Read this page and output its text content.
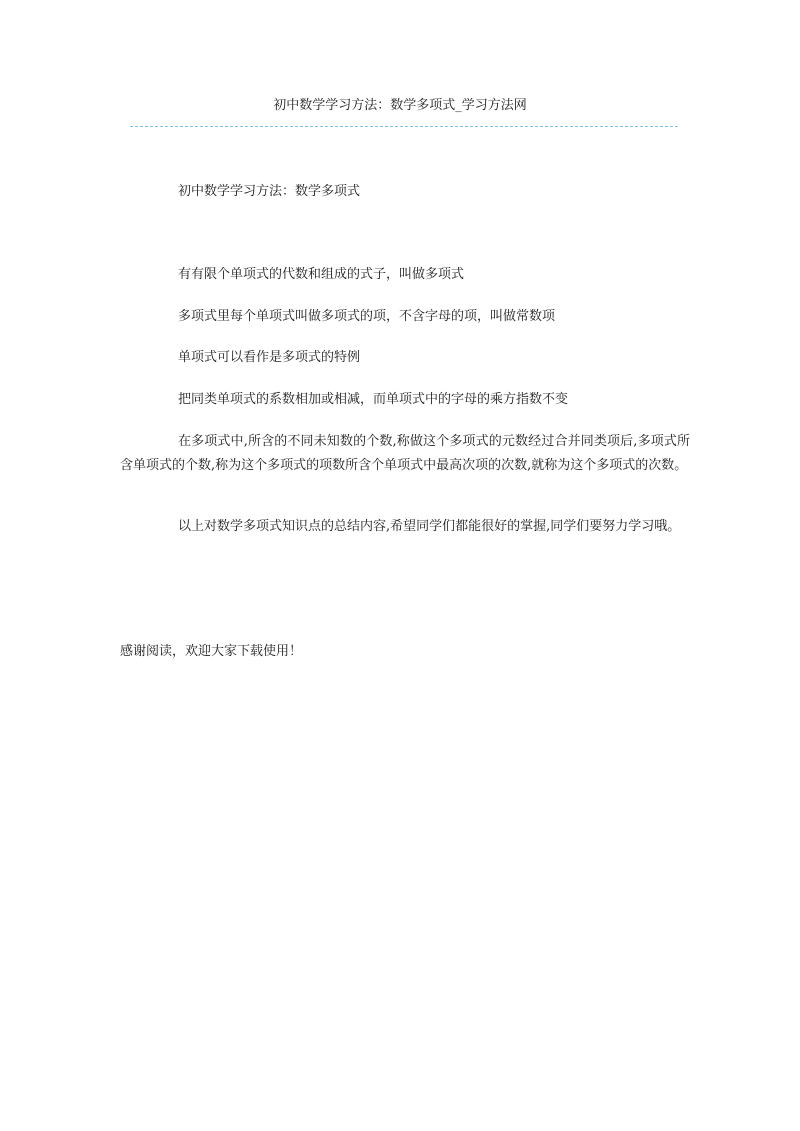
初中数学学习方法：数学多项式_学习方法网
初中数学学习方法：数学多项式
有有限个单项式的代数和组成的式子，叫做多项式
多项式里每个单项式叫做多项式的项，不含字母的项，叫做常数项
单项式可以看作是多项式的特例
把同类单项式的系数相加或相减，而单项式中的字母的乘方指数不变
在多项式中,所含的不同未知数的个数,称做这个多项式的元数经过合并同类项后,多项式所含单项式的个数,称为这个多项式的项数所含个单项式中最高次项的次数,就称为这个多项式的次数。
以上对数学多项式知识点的总结内容,希望同学们都能很好的掌握,同学们要努力学习哦。
感谢阅读，欢迎大家下载使用！
